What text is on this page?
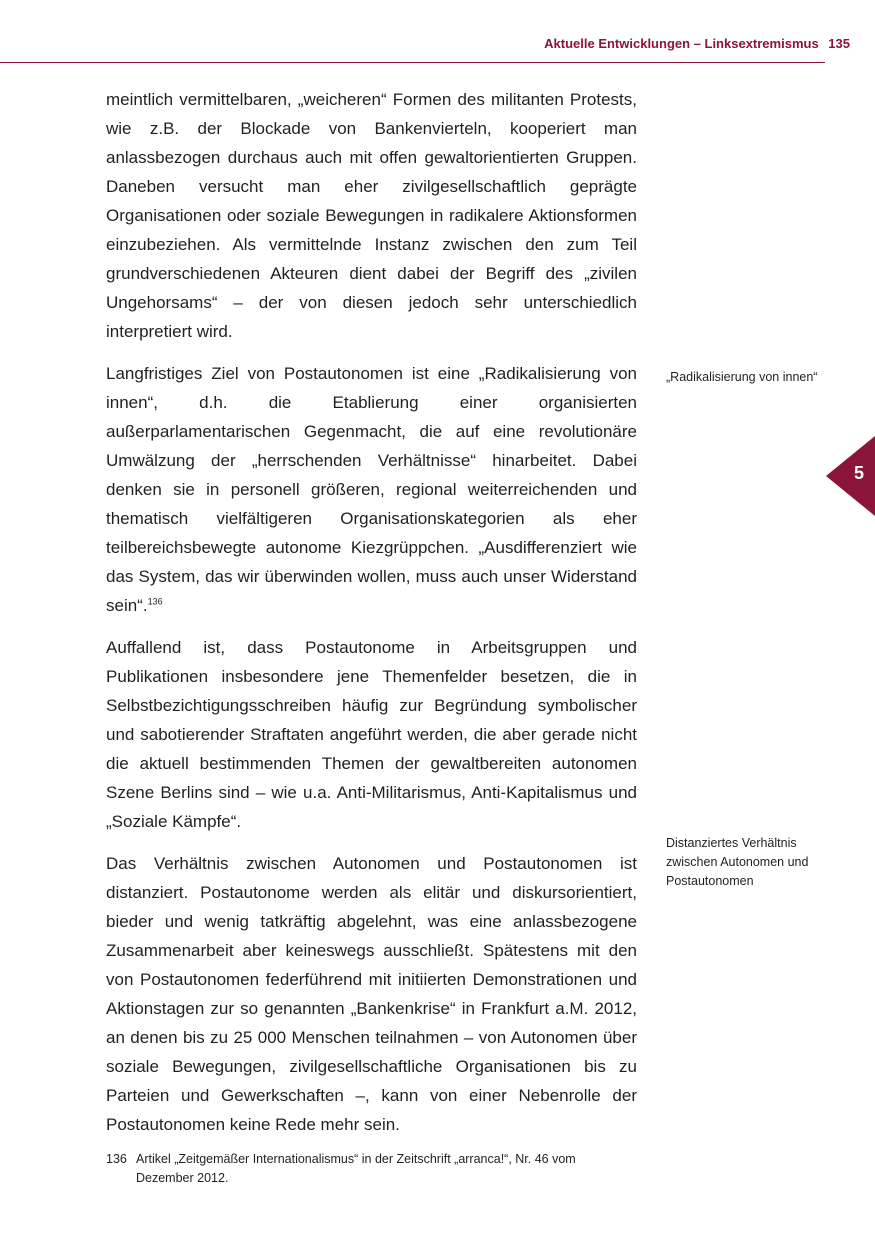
Aktuelle Entwicklungen – Linksextremismus 135

meintlich vermittelbaren, „weicheren“ Formen des militanten Protests, wie z.B. der Blockade von Bankenvierteln, kooperiert man anlassbezogen durchaus auch mit offen gewaltorientierten Gruppen. Daneben versucht man eher zivilgesellschaftlich geprägte Organisationen oder soziale Bewegungen in radikalere Aktionsformen einzubeziehen. Als vermittelnde Instanz zwischen den zum Teil grundverschiedenen Akteuren dient dabei der Begriff des „zivilen Ungehorsams“ – der von diesen jedoch sehr unterschiedlich interpretiert wird.

Langfristiges Ziel von Postautonomen ist eine „Radikalisierung von innen“, d.h. die Etablierung einer organisierten außerparlamentarischen Gegenmacht, die auf eine revolutionäre Umwälzung der „herrschenden Verhältnisse“ hinarbeitet. Dabei denken sie in personell größeren, regional weiterreichenden und thematisch vielfältigeren Organisationskategorien als eher teilbereichsbewegte autonome Kiezgrüppchen. „Ausdifferenziert wie das System, das wir überwinden wollen, muss auch unser Widerstand sein“.$^{136}$

Auffallend ist, dass Postautonome in Arbeitsgruppen und Publikationen insbesondere jene Themenfelder besetzen, die in Selbstbezichtigungsschreiben häufig zur Begründung symbolischer und sabotierender Straftaten angeführt werden, die aber gerade nicht die aktuell bestimmenden Themen der gewaltbereiten autonomen Szene Berlins sind – wie u.a. Anti-Militarismus, Anti-Kapitalismus und „Soziale Kämpfe“.

Das Verhältnis zwischen Autonomen und Postautonomen ist distanziert. Postautonome werden als elitär und diskursorientiert, bieder und wenig tatkräftig abgelehnt, was eine anlassbezogene Zusammenarbeit aber keineswegs ausschließt. Spätestens mit den von Postautonomen federführend mit initiierten Demonstrationen und Aktionstagen zur so genannten „Bankenkrise“ in Frankfurt a.M. 2012, an denen bis zu 25 000 Menschen teilnahmen – von Autonomen über soziale Bewegungen, zivilgesellschaftliche Organisationen bis zu Parteien und Gewerkschaften –, kann von einer Nebenrolle der Postautonomen keine Rede mehr sein.

„Radikalisierung von innen“
Distanziertes Verhältnis zwischen Autonomen und Postautonomen
5
136 Artikel „Zeitgemäßer Internationalismus“ in der Zeitschrift „arranca!“, Nr. 46 vom Dezember 2012.
